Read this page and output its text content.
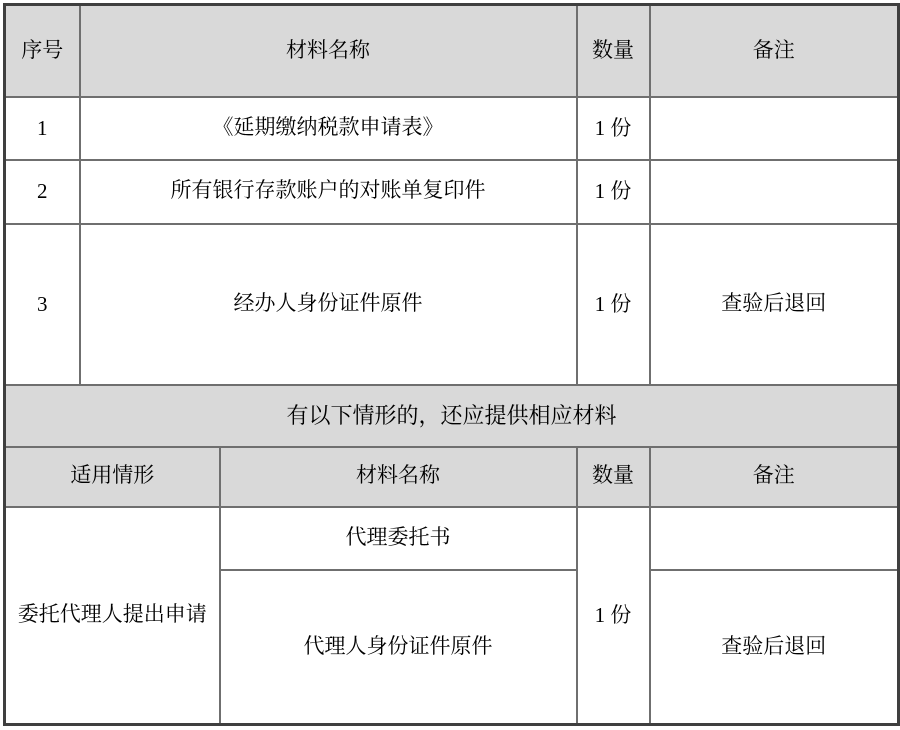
序号	材料名称		数量	备注
1	《延期缴纳税款申请表》		1 份	
2	所有银行存款账户的对账单复印件		1 份	
3	经办人身份证件原件		1 份	查验后退回
有以下情形的，还应提供相应材料				
适用情形		材料名称	数量	备注
委托代理人提出申请		代理委托书	1 份	
		代理人身份证件原件		查验后退回
